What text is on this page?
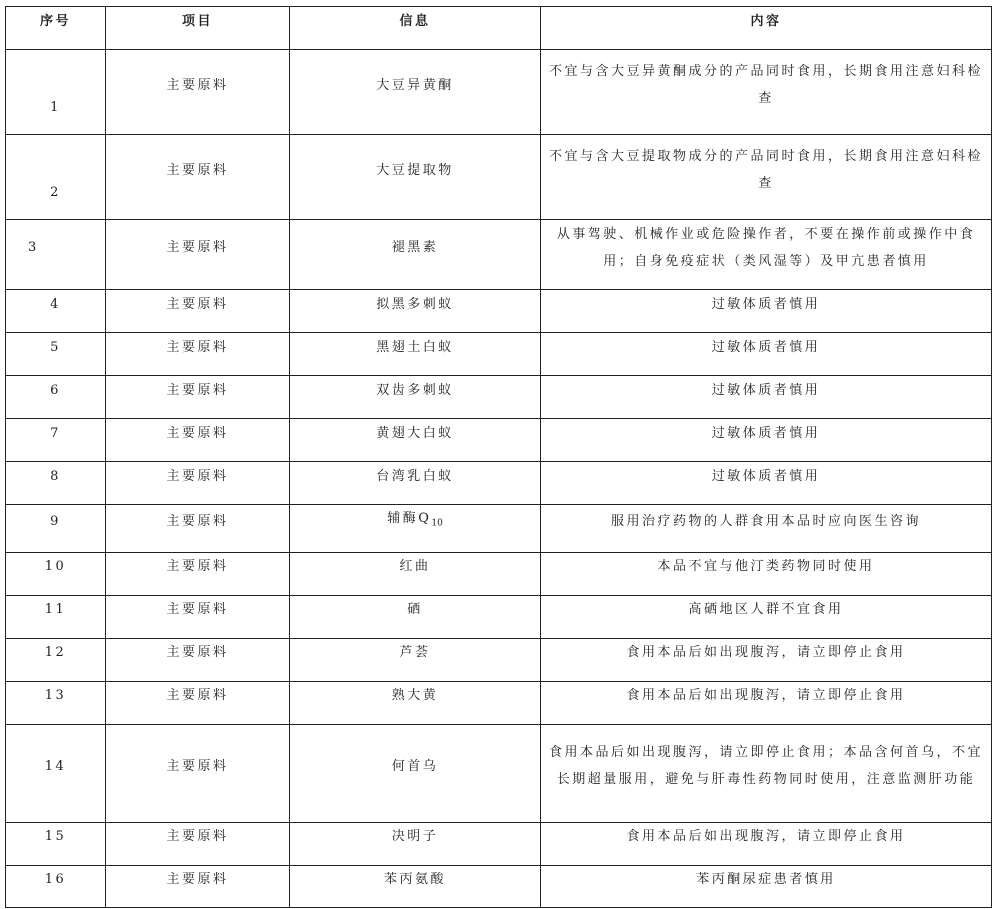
序号	项目	信息	内容
1	主要原料	大豆异黄酮	不宜与含大豆异黄酮成分的产品同时食用，长期食用注意妇科检查
2	主要原料	大豆提取物	不宜与含大豆提取物成分的产品同时食用，长期食用注意妇科检查
3	主要原料	褪黑素	从事驾驶、机械作业或危险操作者，不要在操作前或操作中食用；自身免疫症状（类风湿等）及甲亢患者慎用
4	主要原料	拟黑多刺蚁	过敏体质者慎用
5	主要原料	黑翅土白蚁	过敏体质者慎用
6	主要原料	双齿多刺蚁	过敏体质者慎用
7	主要原料	黄翅大白蚁	过敏体质者慎用
8	主要原料	台湾乳白蚁	过敏体质者慎用
9	主要原料	辅酶$Q_{10}$	服用治疗药物的人群食用本品时应向医生咨询
10	主要原料	红曲	本品不宜与他汀类药物同时使用
11	主要原料	硒	高硒地区人群不宜食用
12	主要原料	芦荟	食用本品后如出现腹泻，请立即停止食用
13	主要原料	熟大黄	食用本品后如出现腹泻，请立即停止食用
14	主要原料	何首乌	食用本品后如出现腹泻，请立即停止食用；本品含何首乌，不宜长期超量服用，避免与肝毒性药物同时使用，注意监测肝功能
15	主要原料	决明子	食用本品后如出现腹泻，请立即停止食用
16	主要原料	苯丙氨酸	苯丙酮尿症患者慎用
